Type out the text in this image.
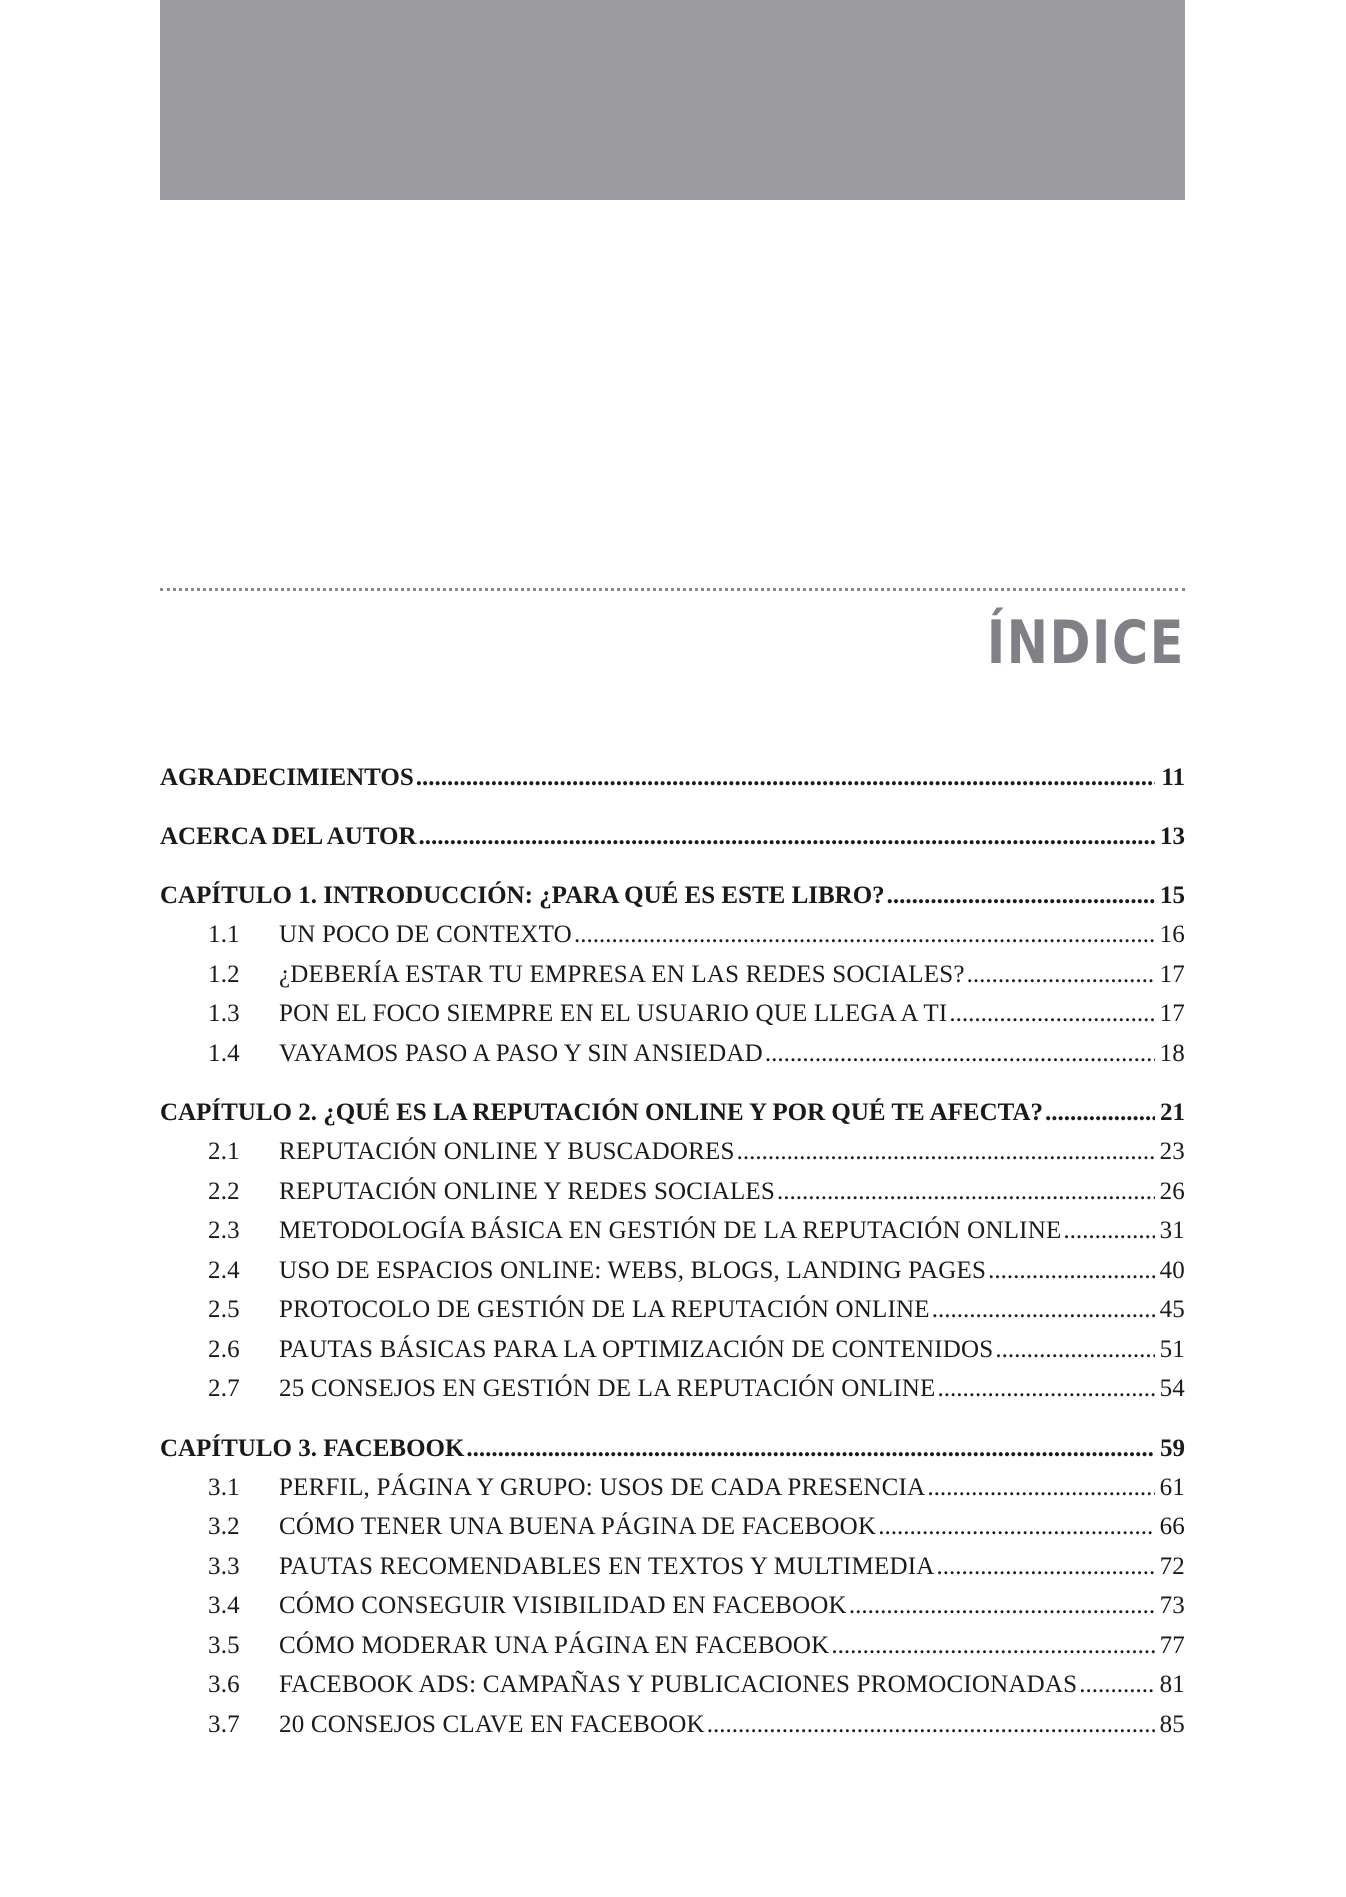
ÍNDICE
AGRADECIMIENTOS .....	11
ACERCA DEL AUTOR .....	13
CAPÍTULO 1. INTRODUCCIÓN: ¿PARA QUÉ ES ESTE LIBRO? .....	15
1.1	UN POCO DE CONTEXTO .....	16
1.2	¿DEBERÍA ESTAR TU EMPRESA EN LAS REDES SOCIALES? .....	17
1.3	PON EL FOCO SIEMPRE EN EL USUARIO QUE LLEGA A TI .....	17
1.4	VAYAMOS PASO A PASO Y SIN ANSIEDAD .....	18
CAPÍTULO 2. ¿QUÉ ES LA REPUTACIÓN ONLINE Y POR QUÉ TE AFECTA? .....	21
2.1	REPUTACIÓN ONLINE Y BUSCADORES .....	23
2.2	REPUTACIÓN ONLINE Y REDES SOCIALES .....	26
2.3	METODOLOGÍA BÁSICA EN GESTIÓN DE LA REPUTACIÓN ONLINE .....	31
2.4	USO DE ESPACIOS ONLINE: WEBS, BLOGS, LANDING PAGES .....	40
2.5	PROTOCOLO DE GESTIÓN DE LA REPUTACIÓN ONLINE .....	45
2.6	PAUTAS BÁSICAS PARA LA OPTIMIZACIÓN DE CONTENIDOS .....	51
2.7	25 CONSEJOS EN GESTIÓN DE LA REPUTACIÓN ONLINE .....	54
CAPÍTULO 3. FACEBOOK .....	59
3.1	PERFIL, PÁGINA Y GRUPO: USOS DE CADA PRESENCIA .....	61
3.2	CÓMO TENER UNA BUENA PÁGINA DE FACEBOOK .....	66
3.3	PAUTAS RECOMENDABLES EN TEXTOS Y MULTIMEDIA .....	72
3.4	CÓMO CONSEGUIR VISIBILIDAD EN FACEBOOK .....	73
3.5	CÓMO MODERAR UNA PÁGINA EN FACEBOOK .....	77
3.6	FACEBOOK ADS: CAMPAÑAS Y PUBLICACIONES PROMOCIONADAS .....	81
3.7	20 CONSEJOS CLAVE EN FACEBOOK .....	85
